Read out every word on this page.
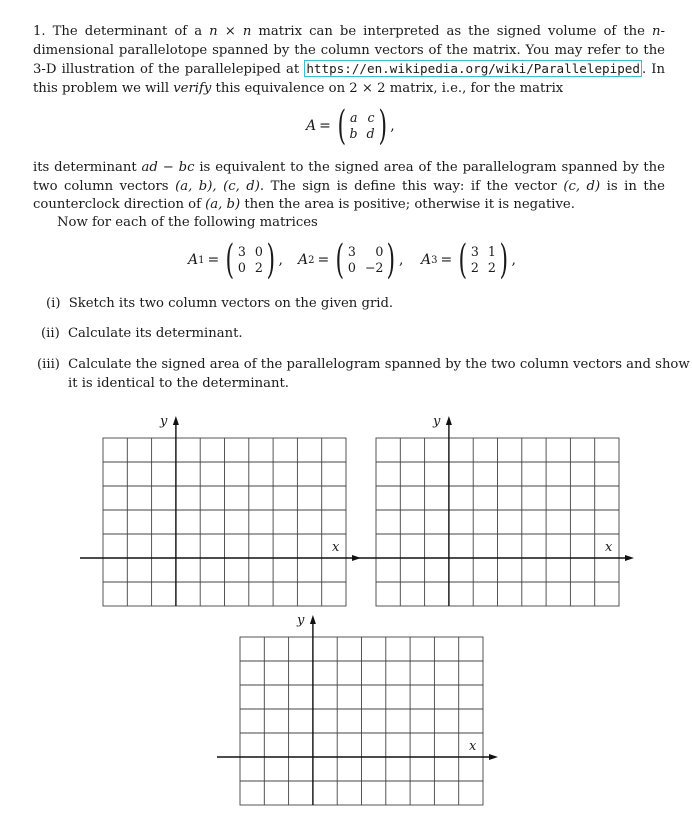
1. The determinant of a n × n matrix can be interpreted as the signed volume of the n-dimensional parallelotope spanned by the column vectors of the matrix. You may refer to the 3-D illustration of the parallelepiped at https://en.wikipedia.org/wiki/Parallelepiped . In this problem we will verify this equivalence on 2 × 2 matrix, i.e., for the matrix
A = ( a c
b d ) ,
its determinant ad − bc is equivalent to the signed area of the parallelogram spanned by the two column vectors (a, b), (c, d). The sign is define this way: if the vector (c, d) is in the counterclock direction of (a, b) then the area is positive; otherwise it is negative.
Now for each of the following matrices
A 1 = ( 3 0
0 2 ) , A 2 = ( 3	0
0 −2 ) , A 3 = ( 3 1
2 2 ) ,
(i) Sketch its two column vectors on the given grid.
(ii) Calculate its determinant.
(iii) Calculate the signed area of the parallelogram spanned by the two column vectors and show it is identical to the determinant.
y
x
y
x
y
x
